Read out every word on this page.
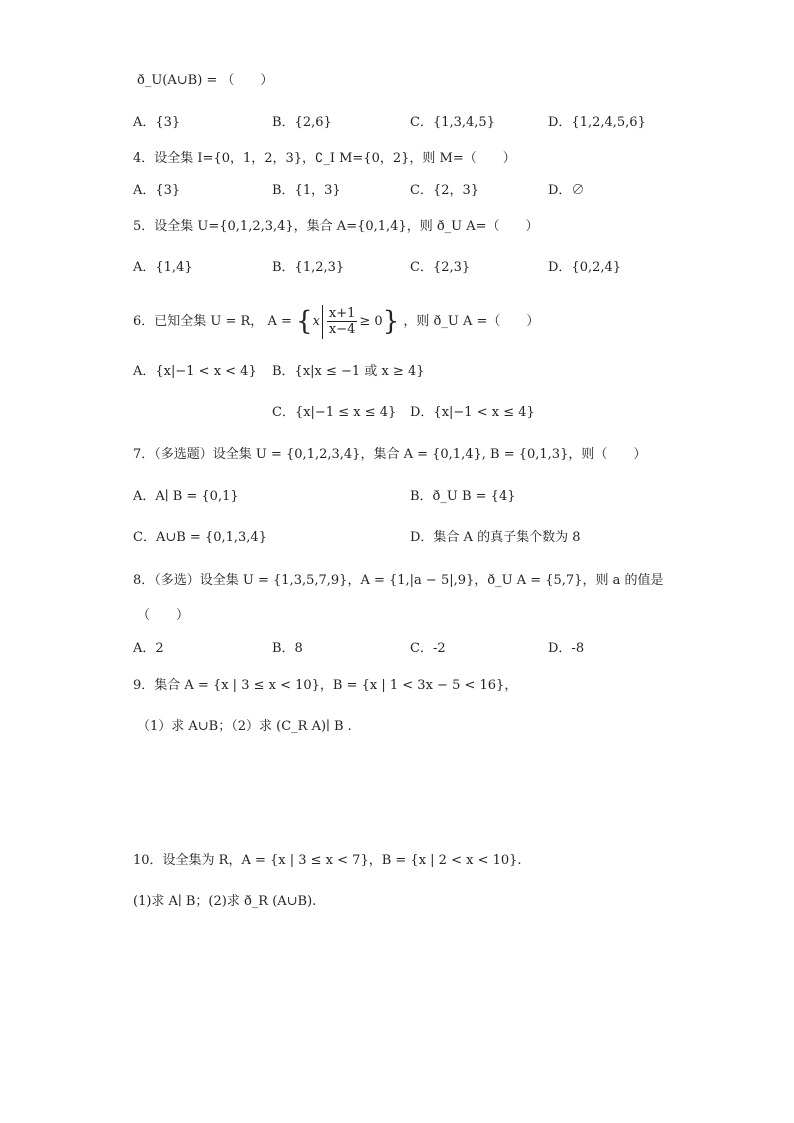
ð_U(A∪B) = （　　）
A．{3}	B．{2,6}	C．{1,3,4,5}	D．{1,2,4,5,6}
4．设全集 I={0，1，2，3}，∁_I M={0，2}，则 M=（　　）
A．{3}	B．{1，3}	C．{2，3}	D．∅
5．设全集 U={0,1,2,3,4}，集合 A={0,1,4}，则 ð_U A=（　　）
A．{1,4}	B．{1,2,3}	C．{2,3}	D．{0,2,4}
6．已知全集 U = R， $A = \{x \frac{x+1}{x-4} \ge 0\}$ ，则 ð_U A =（　　）
A．{x|−1 < x < 4} B．{x|x ≤ −1 或 x ≥ 4}
C．{x|−1 ≤ x ≤ 4} D．{x|−1 < x ≤ 4}
7．（多选题）设全集 U = {0,1,2,3,4}，集合 A = {0,1,4}, B = {0,1,3}，则（　　）
A．A∣ B = {0,1}	B．ð_U B = {4}
C．A∪B = {0,1,3,4}	D．集合 A 的真子集个数为 8
8．（多选）设全集 U = {1,3,5,7,9}，A = {1,|a − 5|,9}，ð_U A = {5,7}，则 a 的值是
（　　）
A．2	B．8	C．-2	D．-8
9．集合 A = {x | 3 ≤ x < 10}，B = {x | 1 < 3x − 5 < 16}，
（1）求 A∪B；（2）求 (C_R A)∣ B .
10．设全集为 R，A = {x | 3 ≤ x < 7}，B = {x | 2 < x < 10}.
(1)求 A∣ B；(2)求 ð_R (A∪B).
